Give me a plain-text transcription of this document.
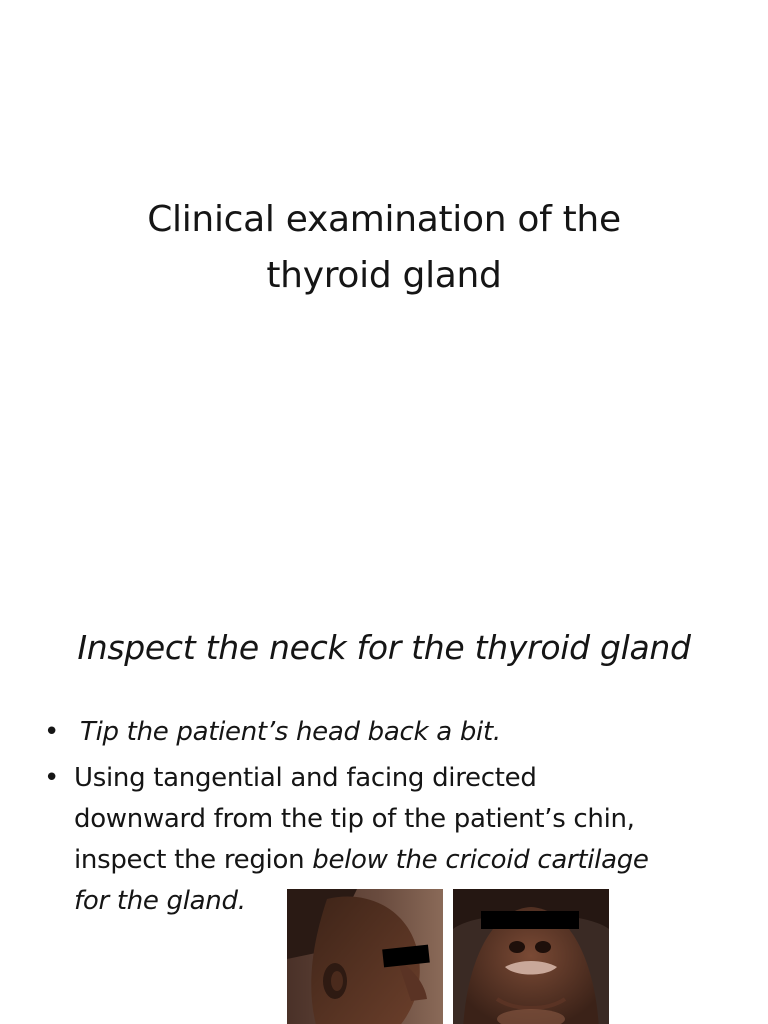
Clinical examination of the
thyroid gland
Inspect the neck for the thyroid gland
• Tip the patient’s head back a bit.
• Using tangential and facing directed
downward from the tip of the patient’s chin,
inspect the region below the cricoid cartilage
for the gland.
